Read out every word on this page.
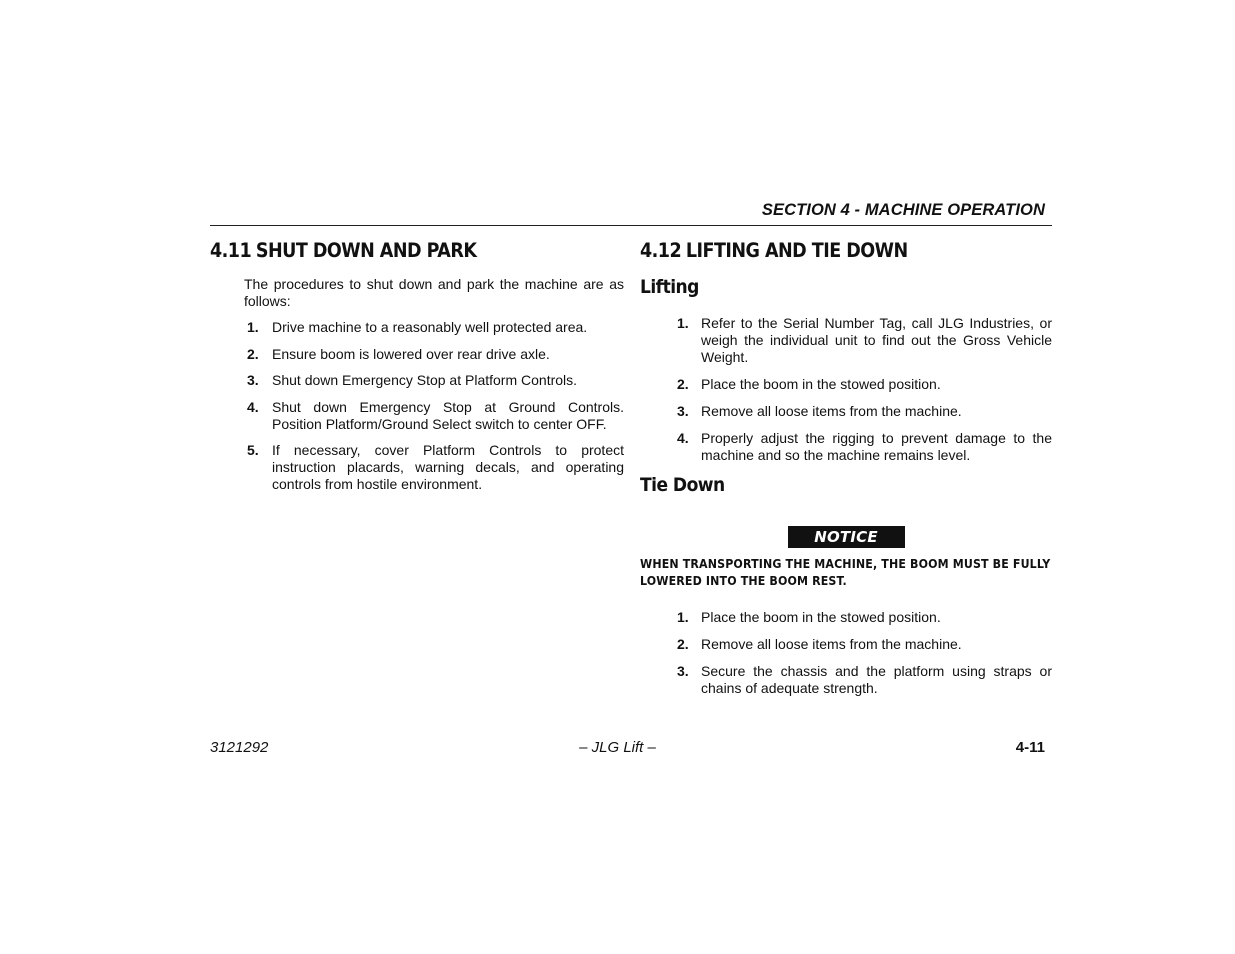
SECTION 4 - MACHINE OPERATION
4.11 SHUT DOWN AND PARK

The procedures to shut down and park the machine are as follows:

1. Drive machine to a reasonably well protected area.
2. Ensure boom is lowered over rear drive axle.
3. Shut down Emergency Stop at Platform Controls.
4. Shut down Emergency Stop at Ground Controls. Position Platform/Ground Select switch to center OFF.
5. If necessary, cover Platform Controls to protect instruction placards, warning decals, and operating controls from hostile environment.
4.12 LIFTING AND TIE DOWN
Lifting
1. Refer to the Serial Number Tag, call JLG Industries, or weigh the individual unit to find out the Gross Vehicle Weight.
2. Place the boom in the stowed position.
3. Remove all loose items from the machine.
4. Properly adjust the rigging to prevent damage to the machine and so the machine remains level.
Tie Down
NOTICE

WHEN TRANSPORTING THE MACHINE, THE BOOM MUST BE FULLY LOWERED INTO THE BOOM REST.

1. Place the boom in the stowed position.
2. Remove all loose items from the machine.
3. Secure the chassis and the platform using straps or chains of adequate strength.
3121292	– JLG Lift –	4-11
